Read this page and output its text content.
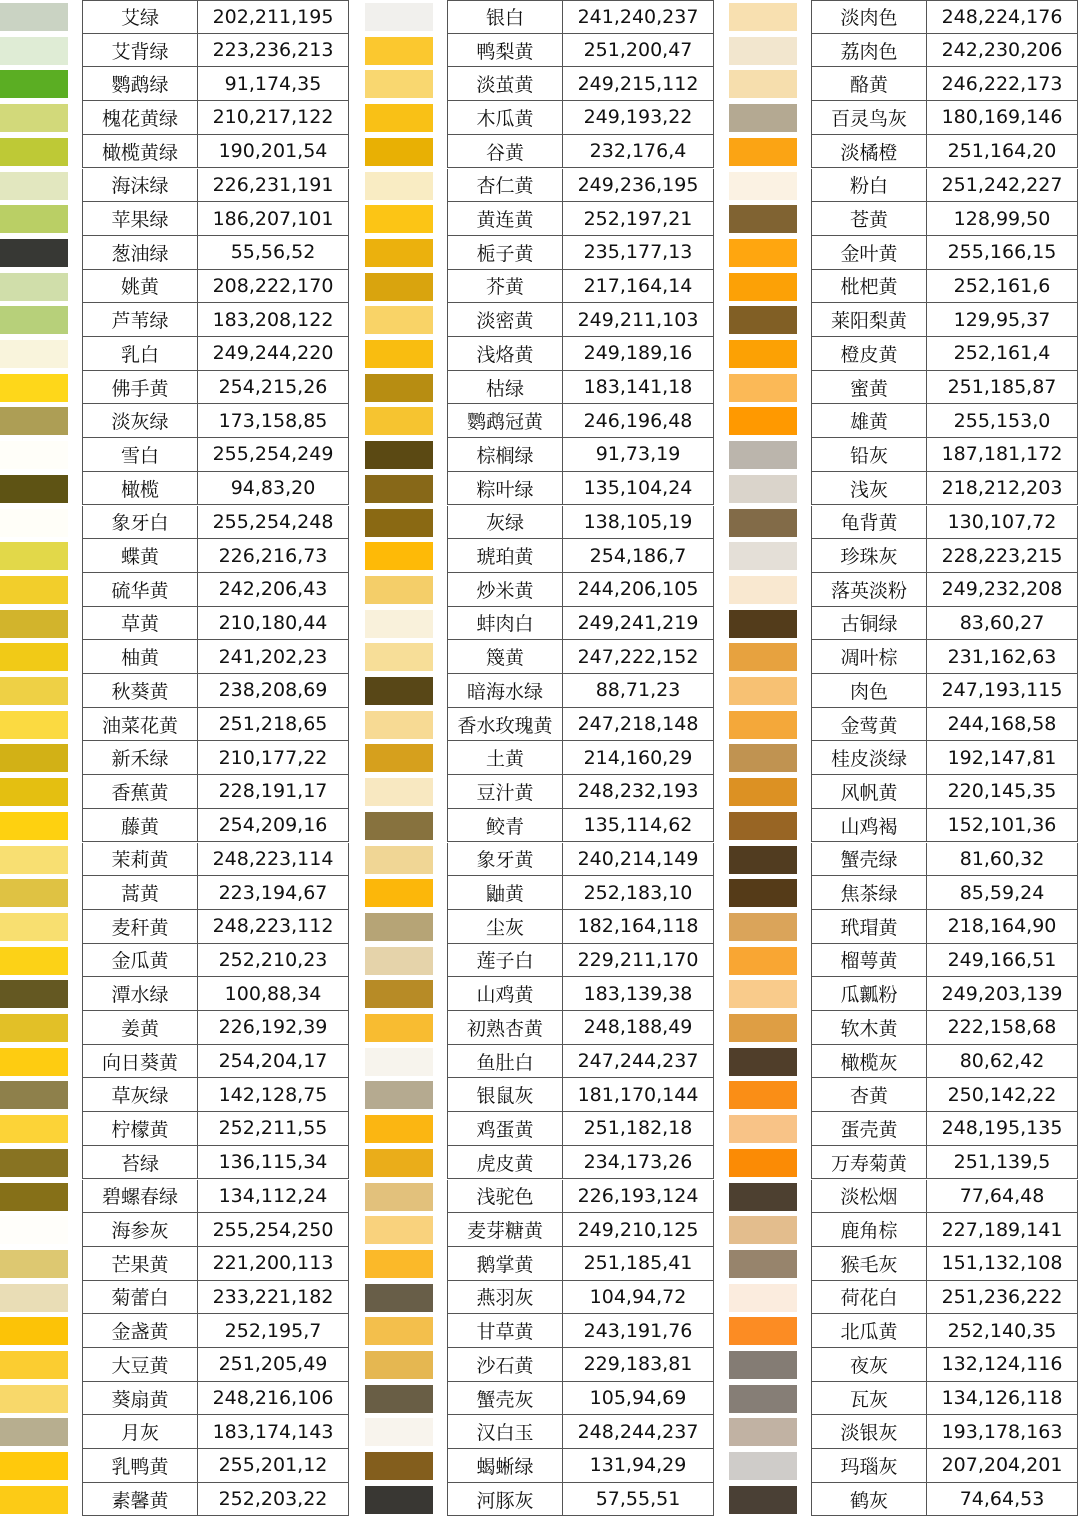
艾绿	202,211,195
艾背绿	223,236,213
鹦鹉绿	91,174,35
槐花黄绿	210,217,122
橄榄黄绿	190,201,54
海沫绿	226,231,191
苹果绿	186,207,101
葱油绿	55,56,52
姚黄	208,222,170
芦苇绿	183,208,122
乳白	249,244,220
佛手黄	254,215,26
淡灰绿	173,158,85
雪白	255,254,249
橄榄	94,83,20
象牙白	255,254,248
蝶黄	226,216,73
硫华黄	242,206,43
草黄	210,180,44
柚黄	241,202,23
秋葵黄	238,208,69
油菜花黄	251,218,65
新禾绿	210,177,22
香蕉黄	228,191,17
藤黄	254,209,16
茉莉黄	248,223,114
蒿黄	223,194,67
麦秆黄	248,223,112
金瓜黄	252,210,23
潭水绿	100,88,34
姜黄	226,192,39
向日葵黄	254,204,17
草灰绿	142,128,75
柠檬黄	252,211,55
苔绿	136,115,34
碧螺春绿	134,112,24
海参灰	255,254,250
芒果黄	221,200,113
菊蕾白	233,221,182
金盏黄	252,195,7
大豆黄	251,205,49
葵扇黄	248,216,106
月灰	183,174,143
乳鸭黄	255,201,12
素馨黄	252,203,22
银白	241,240,237
鸭梨黄	251,200,47
淡茧黄	249,215,112
木瓜黄	249,193,22
谷黄	232,176,4
杏仁黄	249,236,195
黄连黄	252,197,21
栀子黄	235,177,13
芥黄	217,164,14
淡密黄	249,211,103
浅烙黄	249,189,16
枯绿	183,141,18
鹦鹉冠黄	246,196,48
棕榈绿	91,73,19
粽叶绿	135,104,24
灰绿	138,105,19
琥珀黄	254,186,7
炒米黄	244,206,105
蚌肉白	249,241,219
篾黄	247,222,152
暗海水绿	88,71,23
香水玫瑰黄	247,218,148
土黄	214,160,29
豆汁黄	248,232,193
鲛青	135,114,62
象牙黄	240,214,149
鼬黄	252,183,10
尘灰	182,164,118
莲子白	229,211,170
山鸡黄	183,139,38
初熟杏黄	248,188,49
鱼肚白	247,244,237
银鼠灰	181,170,144
鸡蛋黄	251,182,18
虎皮黄	234,173,26
浅驼色	226,193,124
麦芽糖黄	249,210,125
鹅掌黄	251,185,41
燕羽灰	104,94,72
甘草黄	243,191,76
沙石黄	229,183,81
蟹壳灰	105,94,69
汉白玉	248,244,237
蝎蜥绿	131,94,29
河豚灰	57,55,51
淡肉色	248,224,176
荔肉色	242,230,206
酪黄	246,222,173
百灵鸟灰	180,169,146
淡橘橙	251,164,20
粉白	251,242,227
苍黄	128,99,50
金叶黄	255,166,15
枇杷黄	252,161,6
莱阳梨黄	129,95,37
橙皮黄	252,161,4
蜜黄	251,185,87
雄黄	255,153,0
铅灰	187,181,172
浅灰	218,212,203
龟背黄	130,107,72
珍珠灰	228,223,215
落英淡粉	249,232,208
古铜绿	83,60,27
凋叶棕	231,162,63
肉色	247,193,115
金莺黄	244,168,58
桂皮淡绿	192,147,81
风帆黄	220,145,35
山鸡褐	152,101,36
蟹壳绿	81,60,32
焦茶绿	85,59,24
玳瑁黄	218,164,90
榴萼黄	249,166,51
瓜瓤粉	249,203,139
软木黄	222,158,68
橄榄灰	80,62,42
杏黄	250,142,22
蛋壳黄	248,195,135
万寿菊黄	251,139,5
淡松烟	77,64,48
鹿角棕	227,189,141
猴毛灰	151,132,108
荷花白	251,236,222
北瓜黄	252,140,35
夜灰	132,124,116
瓦灰	134,126,118
淡银灰	193,178,163
玛瑙灰	207,204,201
鹤灰	74,64,53
